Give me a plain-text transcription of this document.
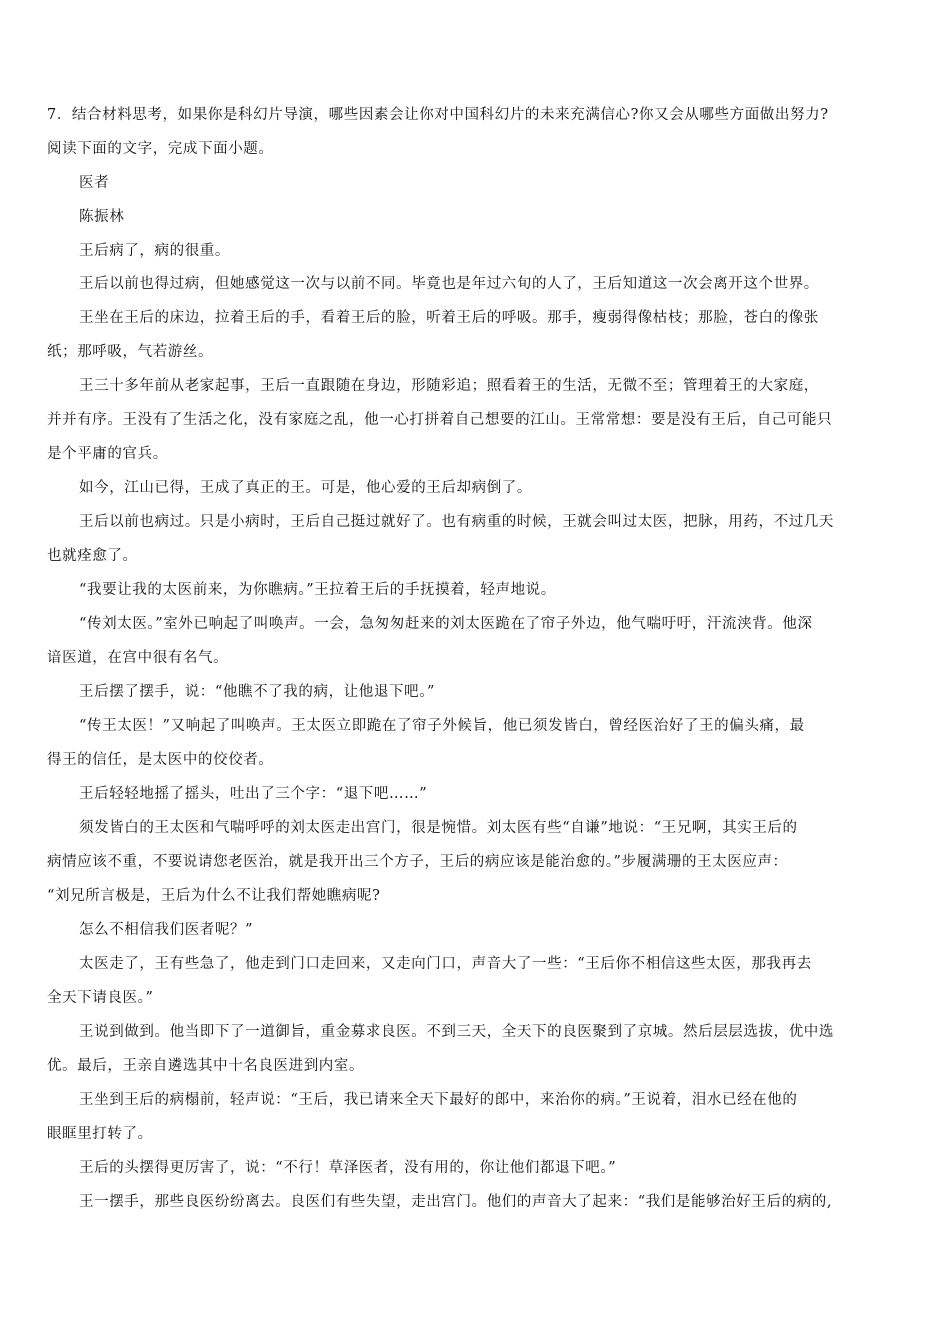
7．结合材料思考，如果你是科幻片导演，哪些因素会让你对中国科幻片的未来充满信心?你又会从哪些方面做出努力?
阅读下面的文字，完成下面小题。
医者
陈振林
王后病了，病的很重。
王后以前也得过病，但她感觉这一次与以前不同。毕竟也是年过六旬的人了，王后知道这一次会离开这个世界。
王坐在王后的床边，拉着王后的手，看着王后的脸，听着王后的呼吸。那手，瘦弱得像枯枝；那脸，苍白的像张
纸；那呼吸，气若游丝。
王三十多年前从老家起事，王后一直跟随在身边，形随彩追；照看着王的生活，无微不至；管理着王的大家庭，
并并有序。王没有了生活之化，没有家庭之乱，他一心打拼着自己想要的江山。王常常想：要是没有王后，自己可能只
是个平庸的官兵。
如今，江山已得，王成了真正的王。可是，他心爱的王后却病倒了。
王后以前也病过。只是小病时，王后自己挺过就好了。也有病重的时候，王就会叫过太医，把脉，用药，不过几天
也就痊愈了。
“我要让我的太医前来，为你瞧病。”王拉着王后的手抚摸着，轻声地说。
“传刘太医。”室外已响起了叫唤声。一会，急匆匆赶来的刘太医跪在了帘子外边，他气喘吁吁，汗流浃背。他深
谙医道，在宫中很有名气。
王后摆了摆手，说：“他瞧不了我的病，让他退下吧。”
“传王太医！”又响起了叫唤声。王太医立即跪在了帘子外候旨，他已须发皆白，曾经医治好了王的偏头痛，最
得王的信任，是太医中的佼佼者。
王后轻轻地摇了摇头，吐出了三个字：“退下吧……”
须发皆白的王太医和气喘呼呼的刘太医走出宫门，很是惋惜。刘太医有些“自谦”地说：“王兄啊，其实王后的
病情应该不重，不要说请您老医治，就是我开出三个方子，王后的病应该是能治愈的。”步履满珊的王太医应声：
“刘兄所言极是，王后为什么不让我们帮她瞧病呢?
怎么不相信我们医者呢？”
太医走了，王有些急了，他走到门口走回来，又走向门口，声音大了一些：“王后你不相信这些太医，那我再去
全天下请良医。”
王说到做到。他当即下了一道御旨，重金募求良医。不到三天，全天下的良医聚到了京城。然后层层选拔，优中选
优。最后，王亲自遴选其中十名良医进到内室。
王坐到王后的病榻前，轻声说：“王后，我已请来全天下最好的郎中，来治你的病。”王说着，泪水已经在他的
眼眶里打转了。
王后的头摆得更厉害了，说：“不行！草泽医者，没有用的，你让他们都退下吧。”
王一摆手，那些良医纷纷离去。良医们有些失望，走出宫门。他们的声音大了起来：“我们是能够治好王后的病的,
